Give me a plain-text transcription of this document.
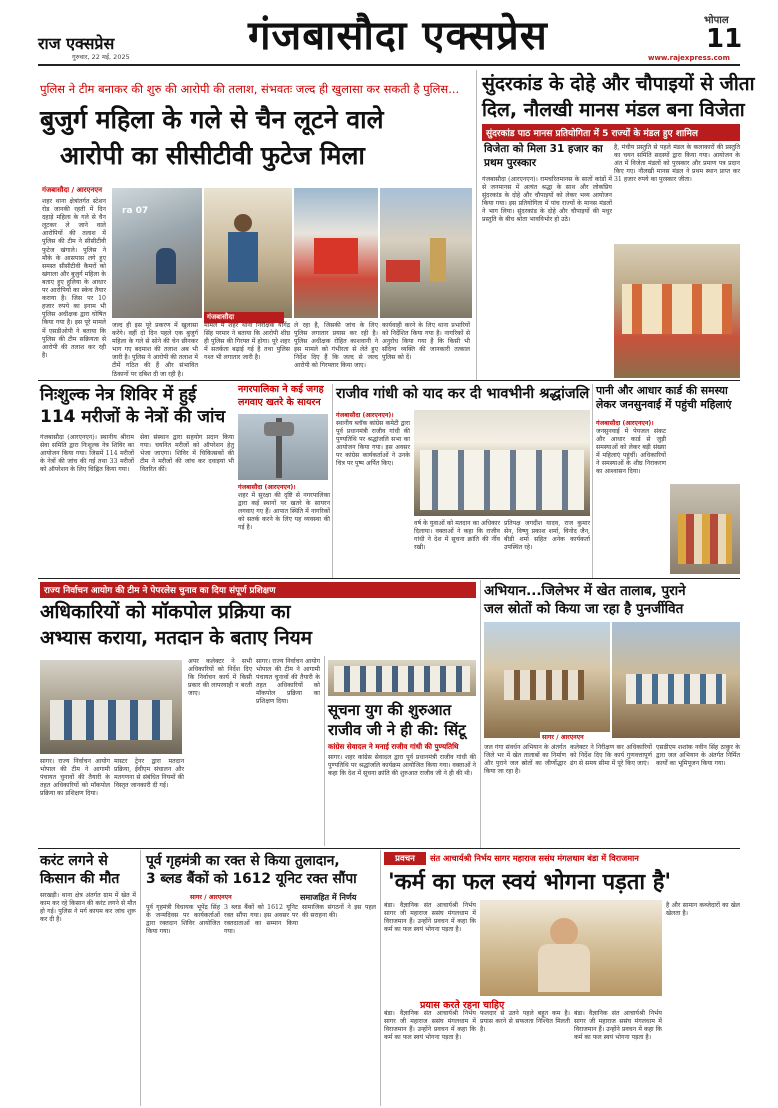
राज एक्सप्रेस
गुरुवार, 22 मई, 2025	गंजबासौदा एक्सप्रेस	भोपाल
11
www.rajexpress.com
पुलिस ने टीम बनाकर की शुरु की आरोपी की तलाश, संभवतः जल्द ही खुलासा कर सकती है पुलिस...
बुजुर्ग महिला के गले से चैन लूटने वाले
आरोपी का सीसीटीवी फुटेज मिला
गंजबासौदा / आरएनएन
शहर थाना क्षेत्रांतर्गत स्टेशन रोड जानकी रहती में दिन दहाड़े महिला के गले से चैन लूटकर ले जाने वाले आरोपियों की तलाश में पुलिस की टीम ने सीसीटीवी फुटेज खंगाले। पुलिस ने मौके के आसपास लगे हुए समस्त सीसीटीवी कैमरों को खंगाला और बुजुर्ग महिला के बताए हुए हुलिया के आधार पर आरोपियों का स्केच तैयार कराया है। जिस पर 10 हजार रुपये का इनाम भी पुलिस अधीक्षक द्वारा घोषित किया गया है। इस पूरे मामले में एसडीओपी ने बताया कि पुलिस की टीम सक्रियता से आरोपी की तलाश कर रही है।
ra 07
गंजबासौदा
जल्द ही इस पूरे प्रकरण में खुलासा करेंगे। वहीं दो दिन पहले एक बुजुर्ग महिला के गले से सोने की चेन छीनकर भाग गए बदमाश की तलाश अब भी जारी है। पुलिस ने आरोपी की तलाश में टीमें गठित की हैं और संभावित ठिकानों पर दबिश दी जा रही है।
मामले में शहर थाना निरीक्षक योगेंद्र सिंह परमार ने बताया कि आरोपी शीघ्र ही पुलिस की गिरफ्त में होगा। पूरे शहर में सतर्कता बढ़ाई गई है तथा पुलिस गश्त भी लगातार जारी है।
ले रहा है, जिसकी जांच के लिए पुलिस लगातार प्रयास कर रही है। पुलिस अधीक्षक रोहित काशवानी ने इस मामले को गंभीरता से लेते हुए निर्देश दिए हैं कि जल्द से जल्द आरोपी को गिरफ्तार किया जाए।
कार्यवाही करने के लिए थाना प्रभारियों को निर्देशित किया गया है। नागरिकों से अनुरोध किया गया है कि किसी भी संदिग्ध व्यक्ति की जानकारी तत्काल पुलिस को दें।
सुंदरकांड के दोहे और चौपाइयों से जीता
दिल, नौलखी मानस मंडल बना विजेता
सुंदरकांड पाठ मानस प्रतियोगिता में 5 राज्यों के मंडल हुए शामिल
विजेता को मिला 31 हजार का
प्रथम पुरस्कार
गंजबासौदा (आरएनएन)। रामचरितमानस के सातों कांडों में से जनमानस में अत्यंत श्रद्धा के साथ और लोकप्रिय सुंदरकांड के दोहे और चौपाइयों को लेकर भव्य आयोजन किया गया। इस प्रतियोगिता में पांच राज्यों के मानस मंडलों ने भाग लिया। सुंदरकांड के दोहे और चौपाइयों की मधुर प्रस्तुति के बीच श्रोता भावविभोर हो उठे।
है, मंचीय प्रस्तुति से पहले मंडल के कलाकारों की प्रस्तुति का चयन समिति सदस्यों द्वारा किया गया। आयोजन के अंत में विजेता मंडलों को पुरस्कार और प्रमाण पत्र प्रदान किए गए। नौलखी मानस मंडल ने प्रथम स्थान प्राप्त कर 31 हजार रुपये का पुरस्कार जीता।
निःशुल्क नेत्र शिविर में हुई
114 मरीजों के नेत्रों की जांच
गंजबासौदा (आरएनएन)। स्थानीय श्रीराम सेवा समिति द्वारा निःशुल्क नेत्र शिविर का आयोजन किया गया। जिसमें 114 मरीजों के नेत्रों की जांच की गई तथा 33 मरीजों को ऑपरेशन के लिए चिह्नित किया गया।
सेवा संस्थान द्वारा सहयोग प्रदान किया गया। चयनित मरीजों को ऑपरेशन हेतु भेजा जाएगा। शिविर में चिकित्सकों की टीम ने मरीजों की जांच कर दवाइयां भी वितरित कीं।
नगरपालिका ने कई जगह
लगवाए खतरे के सायरन
गंजबासौदा (आरएनएन)।
शहर में सुरक्षा की दृष्टि से नगरपालिका द्वारा कई स्थानों पर खतरे के सायरन लगवाए गए हैं। आपात स्थिति में नागरिकों को सतर्क करने के लिए यह व्यवस्था की गई है।
राजीव गांधी को याद कर दी भावभीनी श्रद्धांजलि
गंजबासौदा (आरएनएन)।
स्थानीय ब्लॉक कांग्रेस कमेटी द्वारा पूर्व प्रधानमंत्री राजीव गांधी की पुण्यतिथि पर श्रद्धांजलि सभा का आयोजन किया गया। इस अवसर पर कांग्रेस कार्यकर्ताओं ने उनके चित्र पर पुष्प अर्पित किए।
वर्ष के युवाओं को मतदान का अधिकार दिलाया। वक्ताओं ने कहा कि राजीव गांधी ने देश में सूचना क्रांति की नींव रखी।
प्रतिपक्ष जगदीश यादव, राज कुमार सेन, विष्णु प्रकाश शर्मा, विनोद जैन, बीडी शर्मा सहित अनेक कार्यकर्ता उपस्थित रहे।
पानी और आधार कार्ड की समस्या
लेकर जनसुनवाई में पहुंची महिलाएं
गंजबासौदा (आरएनएन)।
जनसुनवाई में पेयजल संकट और आधार कार्ड से जुड़ी समस्याओं को लेकर बड़ी संख्या में महिलाएं पहुंचीं। अधिकारियों ने समस्याओं के शीघ्र निराकरण का आश्वासन दिया।
राज्य निर्वाचन आयोग की टीम ने पेपरलेस चुनाव का दिया संपूर्ण प्रशिक्षण
अधिकारियों को मॉकपोल प्रक्रिया का
अभ्यास कराया, मतदान के बताए नियम
सागर। राज्य निर्वाचन आयोग भोपाल की टीम ने आगामी पंचायत चुनावों की तैयारी के तहत अधिकारियों को मॉकपोल प्रक्रिया का प्रशिक्षण दिया।
मास्टर ट्रेनर द्वारा मतदान प्रक्रिया, ईवीएम संचालन और मतगणना से संबंधित नियमों की विस्तृत जानकारी दी गई।
अपर कलेक्टर ने सभी अधिकारियों को निर्देश दिए कि निर्वाचन कार्य में किसी प्रकार की लापरवाही न बरती जाए।
सागर। राज्य निर्वाचन आयोग भोपाल की टीम ने आगामी पंचायत चुनावों की तैयारी के तहत अधिकारियों को मॉकपोल प्रक्रिया का प्रशिक्षण दिया।	सूचना युग की शुरुआत
राजीव जी ने ही की: सिंटू
कांग्रेस सेवादल ने मनाई राजीव गांधी की पुण्यतिथि
सागर। शहर कांग्रेस सेवादल द्वारा पूर्व प्रधानमंत्री राजीव गांधी की पुण्यतिथि पर श्रद्धांजलि कार्यक्रम आयोजित किया गया। वक्ताओं ने कहा कि देश में सूचना क्रांति की शुरुआत राजीव जी ने ही की थी।
अभियान...जिलेभर में खेत तालाब, पुराने
जल स्रोतों को किया जा रहा है पुनर्जीवित
सागर / आरएनएन
जल गंगा संवर्धन अभियान के अंतर्गत जिले भर में खेत तालाबों का निर्माण और पुराने जल स्रोतों का जीर्णोद्धार किया जा रहा है।
कलेक्टर ने निरीक्षण कर अधिकारियों को निर्देश दिए कि कार्य गुणवत्तापूर्ण ढंग से समय सीमा में पूरे किए जाएं।
एसडीएम शशांक नवीन सिंह ठाकुर के द्वारा जल अभियान के अंतर्गत निर्मित कार्यों का भूमिपूजन किया गया।
करंट लगने से
किसान की मौत
सरखड़ी। थाना क्षेत्र अंतर्गत ग्राम में खेत में काम कर रहे किसान की करंट लगने से मौत हो गई। पुलिस ने मर्ग कायम कर जांच शुरू कर दी है।
पूर्व गृहमंत्री का रक्त से किया तुलादान,
3 ब्लड बैंकों को 1612 यूनिट रक्त सौंपा
सागर / आरएनएन	समाजहित में निर्णय
पूर्व गृहमंत्री विधायक भूपेंद्र सिंह के जन्मदिवस पर कार्यकर्ताओं द्वारा रक्तदान शिविर आयोजित किया गया।
3 ब्लड बैंकों को 1612 यूनिट रक्त सौंपा गया। इस अवसर पर रक्तदाताओं का सम्मान किया गया।
सामाजिक संगठनों ने इस पहल की सराहना की।
प्रवचन	संत आचार्यश्री निर्भय सागर महाराज ससंघ मंगलधाम बंडा में विराजमान
'कर्म का फल स्वयं भोगना पड़ता है'
बंडा। वैज्ञानिक संत आचार्यश्री निर्भय सागर जी महाराज ससंघ मंगलधाम में विराजमान हैं। उन्होंने प्रवचन में कहा कि कर्म का फल स्वयं भोगना पड़ता है।
है और सामान कब्जेदारों का खेल खेलता है।
प्रयास करते रहना चाहिए
बंडा। वैज्ञानिक संत आचार्यश्री निर्भय सागर जी महाराज ससंघ मंगलधाम में विराजमान हैं। उन्होंने प्रवचन में कहा कि कर्म का फल स्वयं भोगना पड़ता है।
फलदार से उतने पहले बहुत कम है। प्रयास करने से सफलता निश्चित मिलती है।
बंडा। वैज्ञानिक संत आचार्यश्री निर्भय सागर जी महाराज ससंघ मंगलधाम में विराजमान हैं। उन्होंने प्रवचन में कहा कि कर्म का फल स्वयं भोगना पड़ता है।
